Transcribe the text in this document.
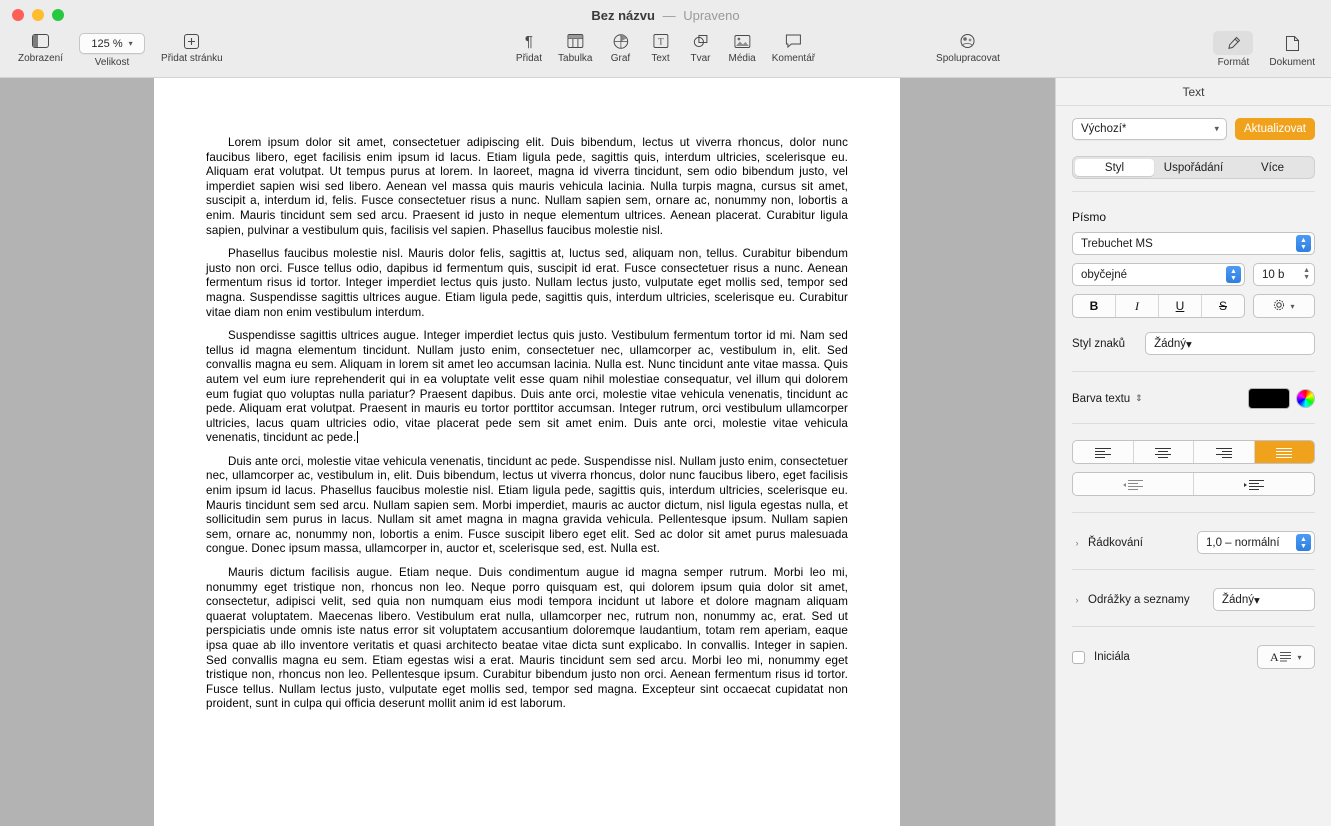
Bez názvu — Upraveno
Zobrazení
125 % ▾
Velikost	Přidat stránku
¶
Přidat Tabulka Graf
T
Text Tvar Média Komentář	Spolupracovat	Formát Dokument

Lorem ipsum dolor sit amet, consectetuer adipiscing elit. Duis bibendum, lectus ut viverra rhoncus, dolor nunc faucibus libero, eget facilisis enim ipsum id lacus. Etiam ligula pede, sagittis quis, interdum ultricies, scelerisque eu. Aliquam erat volutpat. Ut tempus purus at lorem. In laoreet, magna id viverra tincidunt, sem odio bibendum justo, vel imperdiet sapien wisi sed libero. Aenean vel massa quis mauris vehicula lacinia. Nulla turpis magna, cursus sit amet, suscipit a, interdum id, felis. Fusce consectetuer risus a nunc. Nullam sapien sem, ornare ac, nonummy non, lobortis a enim. Mauris tincidunt sem sed arcu. Praesent id justo in neque elementum ultrices. Aenean placerat. Curabitur ligula sapien, pulvinar a vestibulum quis, facilisis vel sapien. Phasellus faucibus molestie nisl.

Phasellus faucibus molestie nisl. Mauris dolor felis, sagittis at, luctus sed, aliquam non, tellus. Curabitur bibendum justo non orci. Fusce tellus odio, dapibus id fermentum quis, suscipit id erat. Fusce consectetuer risus a nunc. Aenean fermentum risus id tortor. Integer imperdiet lectus quis justo. Nullam lectus justo, vulputate eget mollis sed, tempor sed magna. Suspendisse sagittis ultrices augue. Etiam ligula pede, sagittis quis, interdum ultricies, scelerisque eu. Curabitur vitae diam non enim vestibulum interdum.

Suspendisse sagittis ultrices augue. Integer imperdiet lectus quis justo. Vestibulum fermentum tortor id mi. Nam sed tellus id magna elementum tincidunt. Nullam justo enim, consectetuer nec, ullamcorper ac, vestibulum in, elit. Sed convallis magna eu sem. Aliquam in lorem sit amet leo accumsan lacinia. Nulla est. Nunc tincidunt ante vitae massa. Quis autem vel eum iure reprehenderit qui in ea voluptate velit esse quam nihil molestiae consequatur, vel illum qui dolorem eum fugiat quo voluptas nulla pariatur? Praesent dapibus. Duis ante orci, molestie vitae vehicula venenatis, tincidunt ac pede. Aliquam erat volutpat. Praesent in mauris eu tortor porttitor accumsan. Integer rutrum, orci vestibulum ullamcorper ultricies, lacus quam ultricies odio, vitae placerat pede sem sit amet enim. Duis ante orci, molestie vitae vehicula venenatis, tincidunt ac pede.

Duis ante orci, molestie vitae vehicula venenatis, tincidunt ac pede. Suspendisse nisl. Nullam justo enim, consectetuer nec, ullamcorper ac, vestibulum in, elit. Duis bibendum, lectus ut viverra rhoncus, dolor nunc faucibus libero, eget facilisis enim ipsum id lacus. Phasellus faucibus molestie nisl. Etiam ligula pede, sagittis quis, interdum ultricies, scelerisque eu. Mauris tincidunt sem sed arcu. Nullam sapien sem. Morbi imperdiet, mauris ac auctor dictum, nisl ligula egestas nulla, et sollicitudin sem purus in lacus. Nullam sit amet magna in magna gravida vehicula. Pellentesque ipsum. Nullam sapien sem, ornare ac, nonummy non, lobortis a enim. Fusce suscipit libero eget elit. Sed ac dolor sit amet purus malesuada congue. Donec ipsum massa, ullamcorper in, auctor et, scelerisque sed, est. Nulla est.

Mauris dictum facilisis augue. Etiam neque. Duis condimentum augue id magna semper rutrum. Morbi leo mi, nonummy eget tristique non, rhoncus non leo. Neque porro quisquam est, qui dolorem ipsum quia dolor sit amet, consectetur, adipisci velit, sed quia non numquam eius modi tempora incidunt ut labore et dolore magnam aliquam quaerat voluptatem. Maecenas libero. Vestibulum erat nulla, ullamcorper nec, rutrum non, nonummy ac, erat. Sed ut perspiciatis unde omnis iste natus error sit voluptatem accusantium doloremque laudantium, totam rem aperiam, eaque ipsa quae ab illo inventore veritatis et quasi architecto beatae vitae dicta sunt explicabo. In convallis. Integer in sapien. Sed convallis magna eu sem. Etiam egestas wisi a erat. Mauris tincidunt sem sed arcu. Morbi leo mi, nonummy eget tristique non, rhoncus non leo. Pellentesque ipsum. Curabitur bibendum justo non orci. Aenean fermentum risus id tortor. Fusce tellus. Nullam lectus justo, vulputate eget mollis sed, tempor sed magna. Excepteur sint occaecat cupidatat non proident, sunt in culpa qui officia deserunt mollit anim id est laborum.

Text
Výchozí*	▾	Aktualizovat
Styl	Uspořádání	Více
Písmo
Trebuchet MS	▲
▼
obyčejné	▲
▼ 10 b	▲
▼
B	I	U	S	▾
Styl znaků	Žádný ▾
Barva textu ⇕
› Řádkování	1,0 – normální	▲
▼
› Odrážky a seznamy	Žádný ▾
Iniciála	A ▾
